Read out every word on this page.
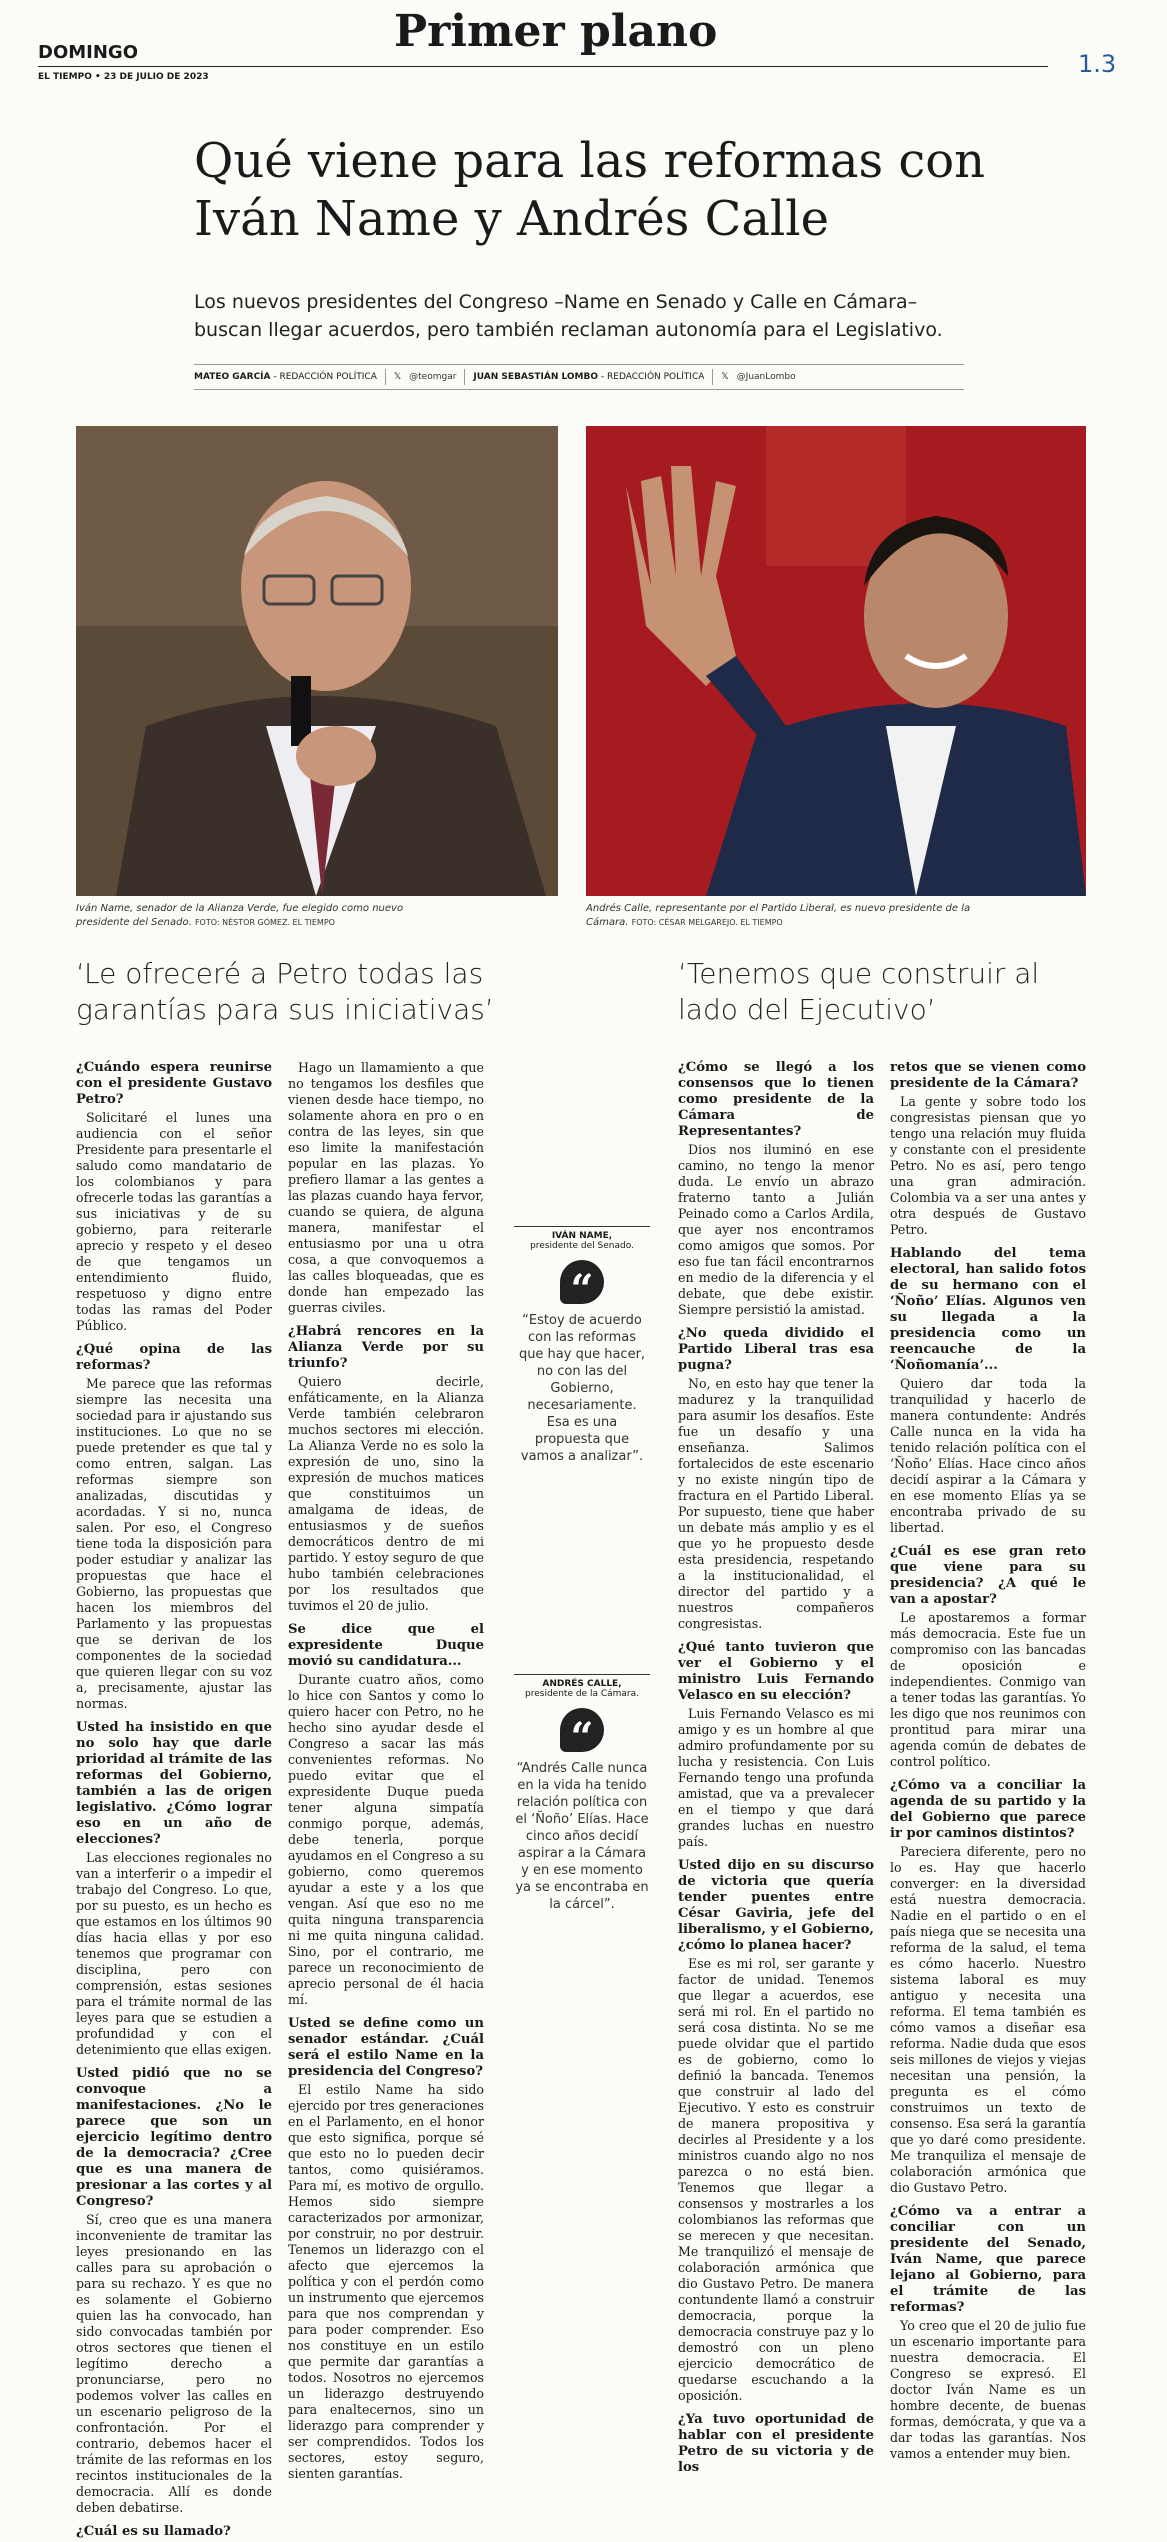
Primer plano
DOMINGO
EL TIEMPO • 23 DE JULIO DE 2023	1.3
Qué viene para las reformas con Iván Name y Andrés Calle
Los nuevos presidentes del Congreso –Name en Senado y Calle en Cámara– buscan llegar acuerdos, pero también reclaman autonomía para el Legislativo.
MATEO GARCÍA - REDACCIÓN POLÍTICA 𝕏 @teomgar JUAN SEBASTIÁN LOMBO - REDACCIÓN POLÍTICA 𝕏 @JuanLombo
Iván Name, senador de la Alianza Verde, fue elegido como nuevo presidente del Senado. FOTO: NÉSTOR GÓMEZ. EL TIEMPO
Andrés Calle, representante por el Partido Liberal, es nuevo presidente de la Cámara. FOTO: CÉSAR MELGAREJO. EL TIEMPO
‘Le ofreceré a Petro todas las garantías para sus iniciativas’
¿Cuándo espera reunirse con el presidente Gustavo Petro?

Solicitaré el lunes una audiencia con el señor Presidente para presentarle el saludo como mandatario de los colombianos y para ofrecerle todas las garantías a sus iniciativas y de su gobierno, para reiterarle aprecio y respeto y el deseo de que tengamos un entendimiento fluido, respetuoso y digno entre todas las ramas del Poder Público.

¿Qué opina de las reformas?

Me parece que las reformas siempre las necesita una sociedad para ir ajustando sus instituciones. Lo que no se puede pretender es que tal y como entren, salgan. Las reformas siempre son analizadas, discutidas y acordadas. Y si no, nunca salen. Por eso, el Congreso tiene toda la disposición para poder estudiar y analizar las propuestas que hace el Gobierno, las propuestas que hacen los miembros del Parlamento y las propuestas que se derivan de los componentes de la sociedad que quieren llegar con su voz a, precisamente, ajustar las normas.

Usted ha insistido en que no solo hay que darle prioridad al trámite de las reformas del Gobierno, también a las de origen legislativo. ¿Cómo lograr eso en un año de elecciones?

Las elecciones regionales no van a interferir o a impedir el trabajo del Congreso. Lo que, por su puesto, es un hecho es que estamos en los últimos 90 días hacia ellas y por eso tenemos que programar con disciplina, pero con comprensión, estas sesiones para el trámite normal de las leyes para que se estudien a profundidad y con el detenimiento que ellas exigen.

Usted pidió que no se convoque a manifestaciones. ¿No le parece que son un ejercicio legítimo dentro de la democracia? ¿Cree que es una manera de presionar a las cortes y al Congreso?

Sí, creo que es una manera inconveniente de tramitar las leyes presionando en las calles para su aprobación o para su rechazo. Y es que no es solamente el Gobierno quien las ha convocado, han sido convocadas también por otros sectores que tienen el legítimo derecho a pronunciarse, pero no podemos volver las calles en un escenario peligroso de la confrontación. Por el contrario, debemos hacer el trámite de las reformas en los recintos institucionales de la democracia. Allí es donde deben debatirse.

¿Cuál es su llamado?

Hago un llamamiento a que no tengamos los desfiles que vienen desde hace tiempo, no solamente ahora en pro o en contra de las leyes, sin que eso limite la manifestación popular en las plazas. Yo prefiero llamar a las gentes a las plazas cuando haya fervor, cuando se quiera, de alguna manera, manifestar el entusiasmo por una u otra cosa, a que convoquemos a las calles bloqueadas, que es donde han empezado las guerras civiles.

¿Habrá rencores en la Alianza Verde por su triunfo?

Quiero decirle, enfáticamente, en la Alianza Verde también celebraron muchos sectores mi elección. La Alianza Verde no es solo la expresión de uno, sino la expresión de muchos matices que constituimos un amalgama de ideas, de entusiasmos y de sueños democráticos dentro de mi partido. Y estoy seguro de que hubo también celebraciones por los resultados que tuvimos el 20 de julio.

Se dice que el expresidente Duque movió su candidatura...

Durante cuatro años, como lo hice con Santos y como lo quiero hacer con Petro, no he hecho sino ayudar desde el Congreso a sacar las más convenientes reformas. No puedo evitar que el expresidente Duque pueda tener alguna simpatía conmigo porque, además, debe tenerla, porque ayudamos en el Congreso a su gobierno, como queremos ayudar a este y a los que vengan. Así que eso no me quita ninguna transparencia ni me quita ninguna calidad. Sino, por el contrario, me parece un reconocimiento de aprecio personal de él hacia mí.

Usted se define como un senador estándar. ¿Cuál será el estilo Name en la presidencia del Congreso?

El estilo Name ha sido ejercido por tres generaciones en el Parlamento, en el honor que esto significa, porque sé que esto no lo pueden decir tantos, como quisiéramos. Para mí, es motivo de orgullo. Hemos sido siempre caracterizados por armonizar, por construir, no por destruir. Tenemos un liderazgo con el afecto que ejercemos la política y con el perdón como un instrumento que ejercemos para que nos comprendan y para poder comprender. Eso nos constituye en un estilo que permite dar garantías a todos. Nosotros no ejercemos un liderazgo destruyendo para enaltecernos, sino un liderazgo para comprender y ser comprendidos. Todos los sectores, estoy seguro, sienten garantías.

IVÁN NAME,
presidente del Senado.
“
“Estoy de acuerdo con las reformas que hay que hacer, no con las del Gobierno, necesariamente. Esa es una propuesta que vamos a analizar”.
ANDRÉS CALLE,
presidente de la Cámara.
“
“Andrés Calle nunca en la vida ha tenido relación política con el ‘Ñoño’ Elías. Hace cinco años decidí aspirar a la Cámara y en ese momento ya se encontraba en la cárcel”.
‘Tenemos que construir al lado del Ejecutivo’
¿Cómo se llegó a los consensos que lo tienen como presidente de la Cámara de Representantes?

Dios nos iluminó en ese camino, no tengo la menor duda. Le envío un abrazo fraterno tanto a Julián Peinado como a Carlos Ardila, que ayer nos encontramos como amigos que somos. Por eso fue tan fácil encontrarnos en medio de la diferencia y el debate, que debe existir. Siempre persistió la amistad.

¿No queda dividido el Partido Liberal tras esa pugna?

No, en esto hay que tener la madurez y la tranquilidad para asumir los desafíos. Este fue un desafío y una enseñanza. Salimos fortalecidos de este escenario y no existe ningún tipo de fractura en el Partido Liberal. Por supuesto, tiene que haber un debate más amplio y es el que yo he propuesto desde esta presidencia, respetando a la institucionalidad, el director del partido y a nuestros compañeros congresistas.

¿Qué tanto tuvieron que ver el Gobierno y el ministro Luis Fernando Velasco en su elección?

Luis Fernando Velasco es mi amigo y es un hombre al que admiro profundamente por su lucha y resistencia. Con Luis Fernando tengo una profunda amistad, que va a prevalecer en el tiempo y que dará grandes luchas en nuestro país.

Usted dijo en su discurso de victoria que quería tender puentes entre César Gaviria, jefe del liberalismo, y el Gobierno, ¿cómo lo planea hacer?

Ese es mi rol, ser garante y factor de unidad. Tenemos que llegar a acuerdos, ese será mi rol. En el partido no será cosa distinta. No se me puede olvidar que el partido es de gobierno, como lo definió la bancada. Tenemos que construir al lado del Ejecutivo. Y esto es construir de manera propositiva y decirles al Presidente y a los ministros cuando algo no nos parezca o no está bien. Tenemos que llegar a consensos y mostrarles a los colombianos las reformas que se merecen y que necesitan. Me tranquilizó el mensaje de colaboración armónica que dio Gustavo Petro. De manera contundente llamó a construir democracia, porque la democracia construye paz y lo demostró con un pleno ejercicio democrático de quedarse escuchando a la oposición.

¿Ya tuvo oportunidad de hablar con el presidente Petro de su victoria y de los
retos que se vienen como presidente de la Cámara?

La gente y sobre todo los congresistas piensan que yo tengo una relación muy fluida y constante con el presidente Petro. No es así, pero tengo una gran admiración. Colombia va a ser una antes y otra después de Gustavo Petro.

Hablando del tema electoral, han salido fotos de su hermano con el ‘Ñoño’ Elías. Algunos ven su llegada a la presidencia como un reencauche de la ‘Ñoñomanía’...

Quiero dar toda la tranquilidad y hacerlo de manera contundente: Andrés Calle nunca en la vida ha tenido relación política con el ‘Ñoño’ Elías. Hace cinco años decidí aspirar a la Cámara y en ese momento Elías ya se encontraba privado de su libertad.

¿Cuál es ese gran reto que viene para su presidencia? ¿A qué le van a apostar?

Le apostaremos a formar más democracia. Este fue un compromiso con las bancadas de oposición e independientes. Conmigo van a tener todas las garantías. Yo les digo que nos reunimos con prontitud para mirar una agenda común de debates de control político.

¿Cómo va a conciliar la agenda de su partido y la del Gobierno que parece ir por caminos distintos?

Pareciera diferente, pero no lo es. Hay que hacerlo converger: en la diversidad está nuestra democracia. Nadie en el partido o en el país niega que se necesita una reforma de la salud, el tema es cómo hacerlo. Nuestro sistema laboral es muy antiguo y necesita una reforma. El tema también es cómo vamos a diseñar esa reforma. Nadie duda que esos seis millones de viejos y viejas necesitan una pensión, la pregunta es el cómo construimos un texto de consenso. Esa será la garantía que yo daré como presidente. Me tranquiliza el mensaje de colaboración armónica que dio Gustavo Petro.

¿Cómo va a entrar a conciliar con un presidente del Senado, Iván Name, que parece lejano al Gobierno, para el trámite de las reformas?

Yo creo que el 20 de julio fue un escenario importante para nuestra democracia. El Congreso se expresó. El doctor Iván Name es un hombre decente, de buenas formas, demócrata, y que va a dar todas las garantías. Nos vamos a entender muy bien.
